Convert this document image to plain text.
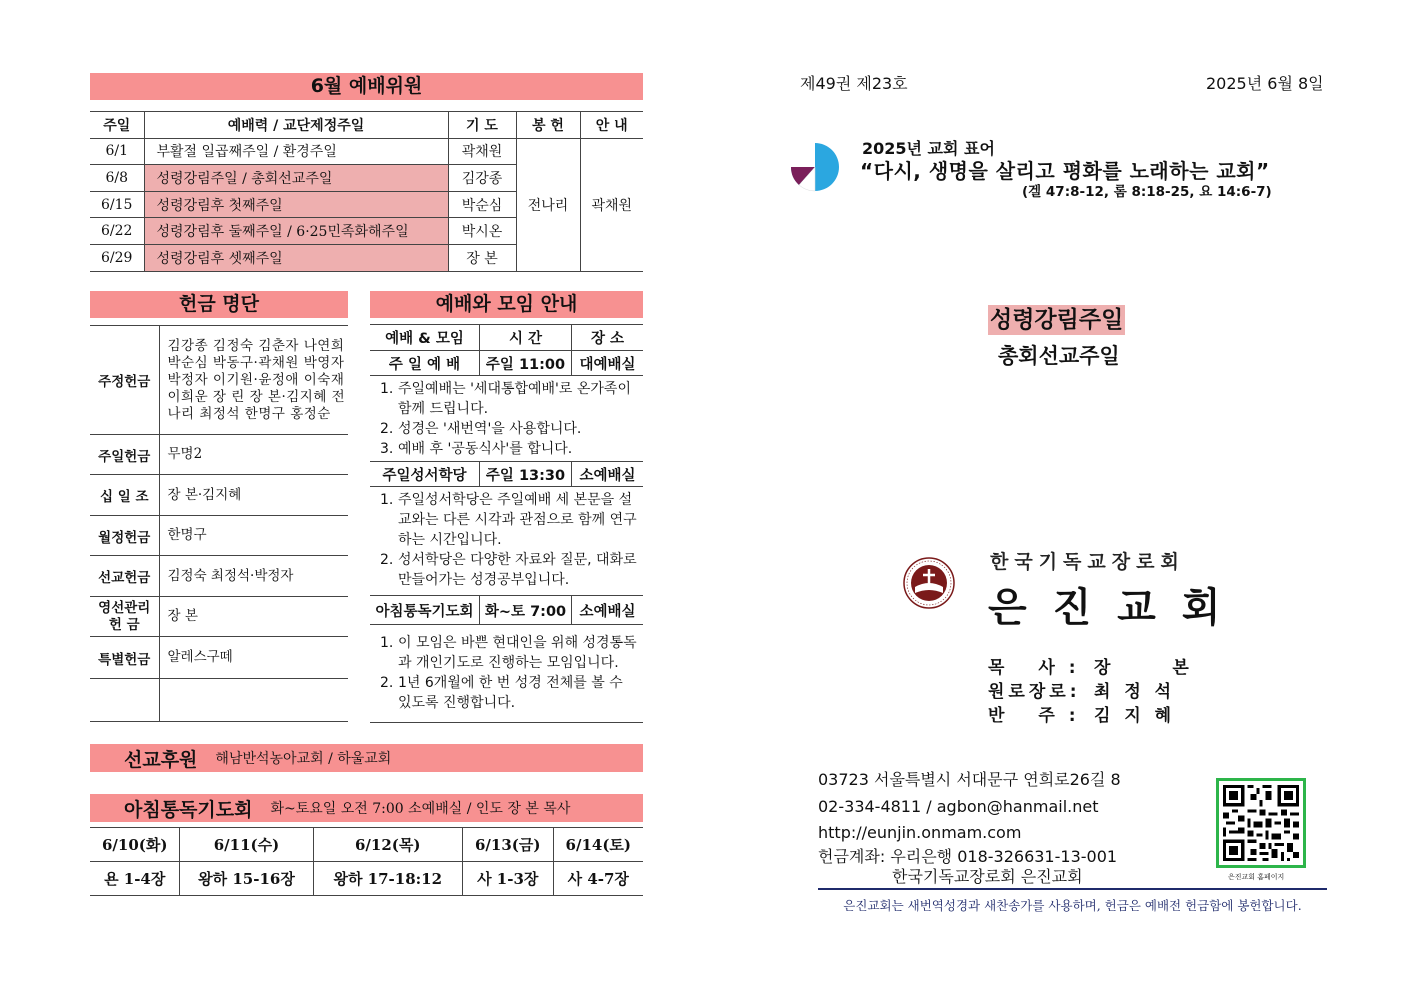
6월 예배위원
주일	예배력 / 교단제정주일	기 도	봉 헌	안 내
6/1	부활절 일곱째주일 / 환경주일	곽채원	전나리	곽채원
6/8	성령강림주일 / 총회선교주일	김강종		
6/15	성령강림후 첫째주일	박순심		
6/22	성령강림후 둘째주일 / 6·25민족화해주일	박시온		
6/29	성령강림후 셋째주일	장 본		
헌금 명단
주정헌금	김강종 김정숙 김춘자 나연희 박순심 박동구·곽채원 박영자 박정자 이기원·윤정애 이숙재 이희운 장 린 장 본·김지혜 전나리 최정석 한명구 홍정순
주일헌금	무명2
십 일 조	장 본·김지혜
월정헌금	한명구
선교헌금	김정숙 최정석·박정자
영선관리
헌 금	장 본
특별헌금	알레스구떼

예배와 모임 안내
예배 & 모임	시 간	장 소
주 일 예 배	주일 11:00 대예배실
1. 주일예배는 '세대통합예배'로 온가족이 함께 드립니다.
2. 성경은 '새번역'을 사용합니다.
3. 예배 후 '공동식사'를 합니다.
주일성서학당	주일 13:30 소예배실
1. 주일성서학당은 주일예배 세 본문을 설교와는 다른 시각과 관점으로 함께 연구하는 시간입니다.
2. 성서학당은 다양한 자료와 질문, 대화로 만들어가는 성경공부입니다.
아침통독기도회 화~토 7:00 소예배실
1. 이 모임은 바쁜 현대인을 위해 성경통독과 개인기도로 진행하는 모임입니다.
2. 1년 6개월에 한 번 성경 전체를 볼 수 있도록 진행합니다.
선교후원 해남반석농아교회 / 하울교회
아침통독기도회 화~토요일 오전 7:00 소예배실 / 인도 장 본 목사
6/10(화)	6/11(수)	6/12(목)	6/13(금)	6/14(토)
욘 1-4장	왕하 15-16장	왕하 17-18:12	사 1-3장	사 4-7장
제49권 제23호	2025년 6월 8일
2025년 교회 표어
“다시, 생명을 살리고 평화를 노래하는 교회”
(겔 47:8-12, 롬 8:18-25, 요 14:6-7)
성령강림주일
총회선교주일
한국기독교장로회
은 진 교 회
목 사: 장 본
원로장로: 최 정 석
반 주: 김 지 혜
03723 서울특별시 서대문구 연희로26길 8
02-334-4811 / agbon@hanmail.net
http://eunjin.onmam.com
헌금계좌: 우리은행 018-326631-13-001
한국기독교장로회 은진교회	은진교회 홈페이지
은진교회는 새번역성경과 새찬송가를 사용하며, 헌금은 예배전 헌금함에 봉헌합니다.
